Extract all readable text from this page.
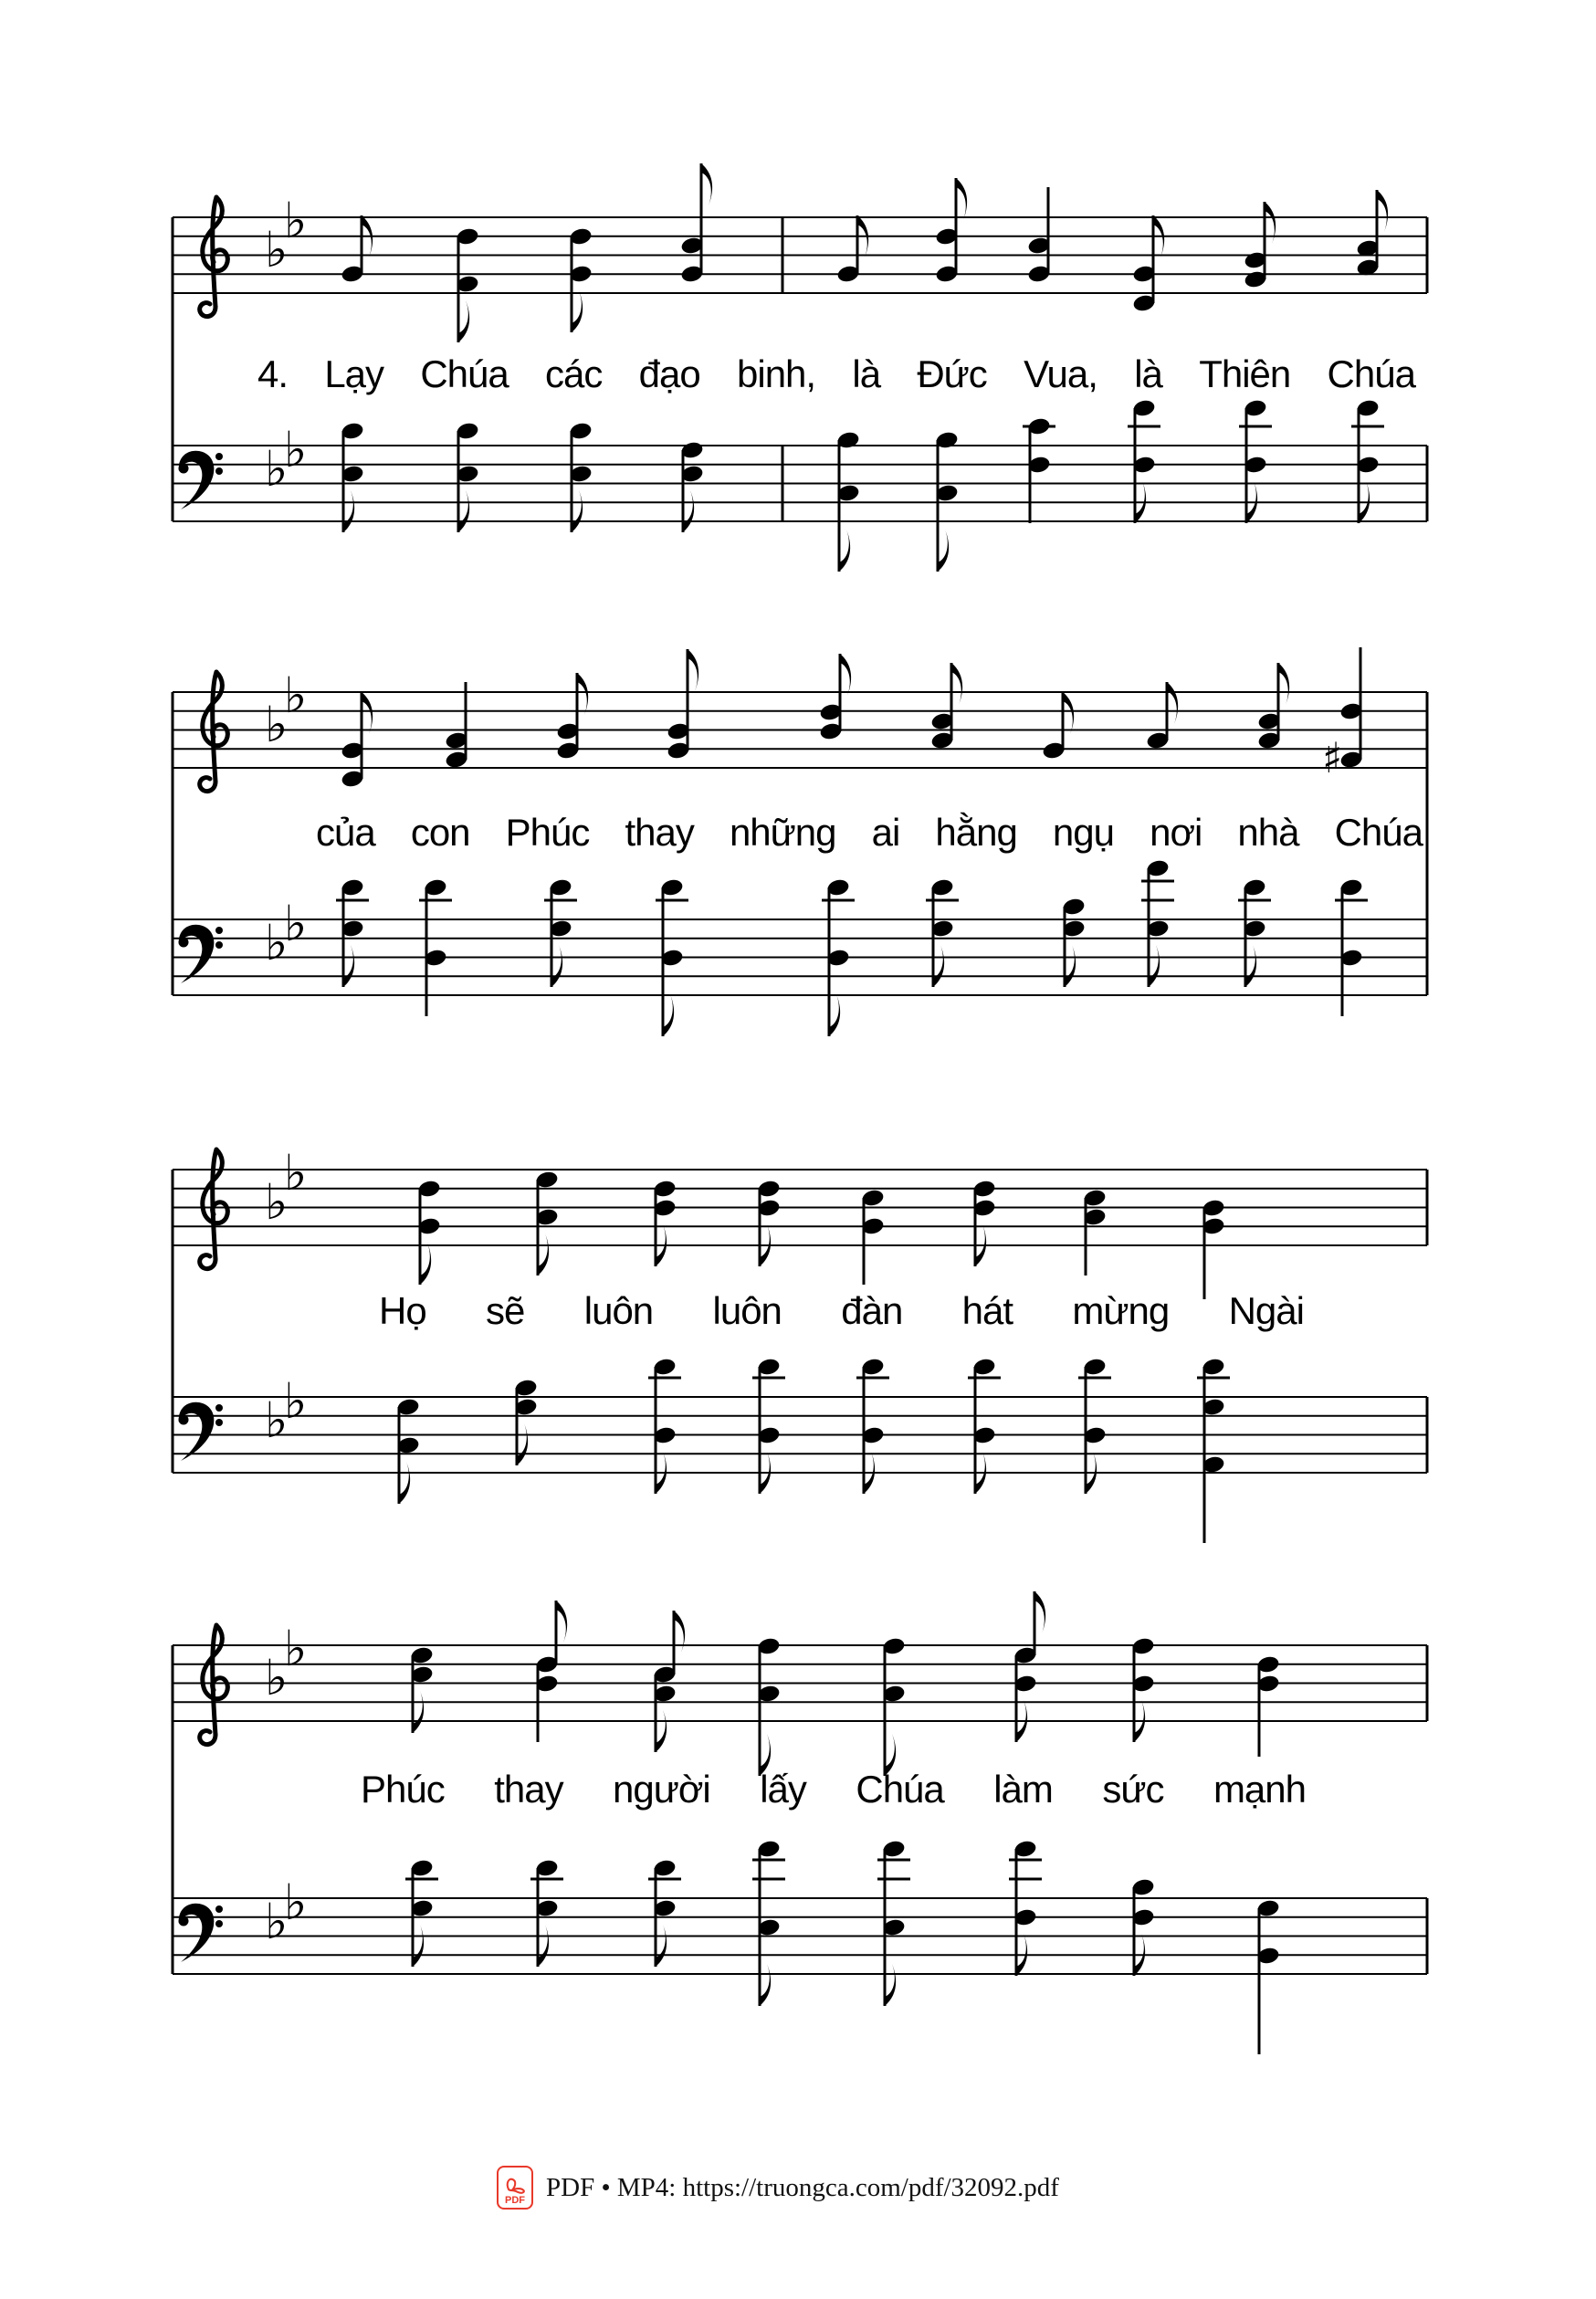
♭
♭
♭
♭
♭
♭
♭
♭
♯
♭
♭
♭
♭
♭
♭
♭
♭
4. Lạy Chúa các đạo binh, là Đức Vua, là Thiên Chúa
của con Phúc thay những ai hằng ngụ nơi nhà Chúa
Họ sẽ luôn luôn đàn hát mừng Ngài
Phúc thay người lấy Chúa làm sức mạnh
PDF PDF • MP4: https://truongca.com/pdf/32092.pdf
